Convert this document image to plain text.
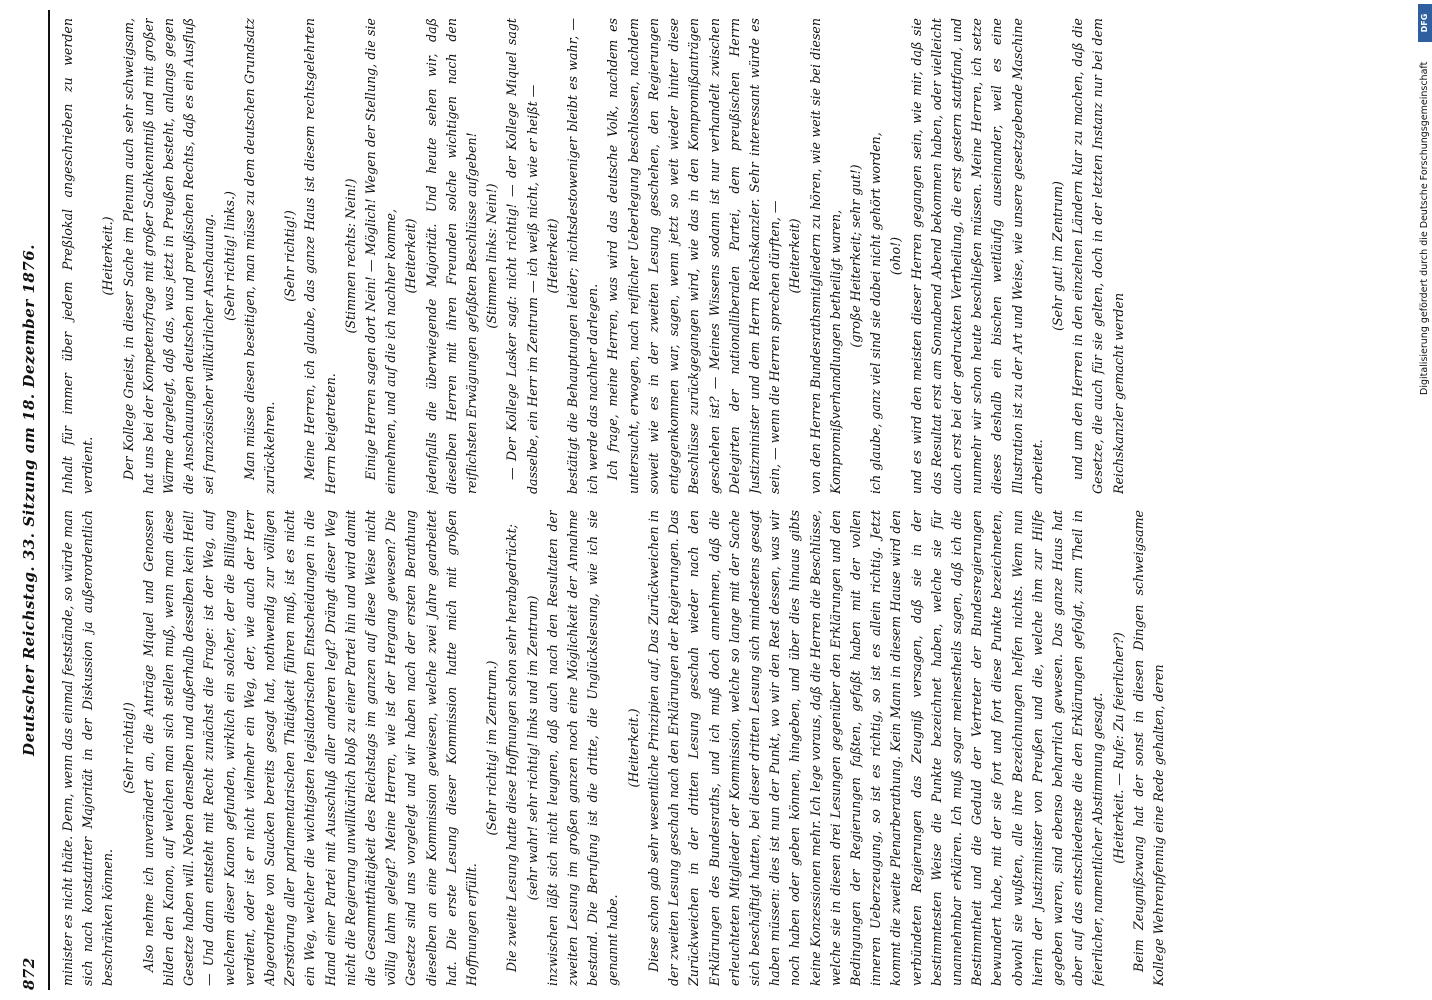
872
Deutscher Reichstag. 33. Sitzung am 18. Dezember 1876. minister es nicht thäte. Denn, wenn das einmal feststände, so würde man sich nach konstatirter Majorität in der Diskussion ja außerordentlich beschränken können.

(Sehr richtig!) Also nehme ich unverändert an, die Anträge Miquel und Genossen bilden den Kanon, auf welchen man sich stellen muß, wenn man diese Gesetze haben will. Neben denselben und außerhalb desselben kein Heil! — Und dann entsteht mit Recht zunächst die Frage: ist der Weg, auf welchem dieser Kanon gefunden, wirklich ein solcher, der die Billigung verdient, oder ist er nicht vielmehr ein Weg, der, wie auch der Herr Abgeordnete von Saucken bereits gesagt hat, nothwendig zur völligen Zerstörung aller parlamentarischen Thätigkeit führen muß, ist es nicht ein Weg, welcher die wichtigsten legislatorischen Entscheidungen in die Hand einer Partei mit Ausschluß aller anderen legt? Drängt dieser Weg nicht die Regierung unwillkürlich bloß zu einer Partei hin und wird damit die Gesammtthätigkeit des Reichstags im ganzen auf diese Weise nicht völlig lahm gelegt? Meine Herren, wie ist der Hergang gewesen? Die Gesetze sind uns vorgelegt und wir haben nach der ersten Berathung dieselben an eine Kommission gewiesen, welche zwei Jahre gearbeitet hat. Die erste Lesung dieser Kommission hatte mich mit großen Hoffnungen erfüllt.

(Sehr richtig! im Zentrum.) Die zweite Lesung hatte diese Hoffnungen schon sehr herabgedrückt; (sehr wahr! sehr richtig! links und im Zentrum) inzwischen läßt sich nicht leugnen, daß auch nach den Resultaten der zweiten Lesung im großen ganzen noch eine Möglichkeit der Annahme bestand. Die Berufung ist die dritte, die Unglückslesung, wie ich sie genannt habe.

(Heiterkeit.) Diese schon gab sehr wesentliche Prinzipien auf. Das Zurückweichen in der zweiten Lesung geschah nach den Erklärungen der Regierungen. Das Zurückweichen in der dritten Lesung geschah wieder nach den Erklärungen des Bundesraths, und ich muß doch annehmen, daß die erleuchteten Mitglieder der Kommission, welche so lange mit der Sache sich beschäftigt hatten, bei dieser dritten Lesung sich mindestens gesagt haben müssen: dies ist nun der Punkt, wo wir den Rest dessen, was wir noch haben oder geben können, hingeben, und über dies hinaus gibts keine Konzessionen mehr. Ich lege voraus, daß die Herren die Beschlüsse, welche sie in diesen drei Lesungen gegenüber den Erklärungen und den Bedingungen der Regierungen faßten, gefaßt haben mit der vollen inneren Ueberzeugung, so ist es richtig, so ist es allein richtig. Jetzt kommt die zweite Plenarberathung. Kein Mann in diesem Hause wird den verbündeten Regierungen das Zeugniß versagen, daß sie in der bestimmtesten Weise die Punkte bezeichnet haben, welche sie für unannehmbar erklären. Ich muß sogar meinestheils sagen, daß ich die Bestimmtheit und die Geduld der Vertreter der Bundesregierungen bewundert habe, mit der sie fort und fort diese Punkte bezeichneten, obwohl sie wußten, alle ihre Bezeichnungen helfen nichts. Wenn nun hierin der Justizminister von Preußen und die, welche ihm zur Hilfe gegeben waren, sind ebenso beharrlich gewesen. Das ganze Haus hat aber auf das entschiedenste die den Erklärungen gefolgt, zum Theil in feierlicher, namentlicher Abstimmung gesagt. (Heiterkeit. — Rufe: Zu feierlicher?) Beim Zeugnißzwang hat der sonst in diesen Dingen schweigsame Kollege Wehrenpfennig eine Rede gehalten, deren

Inhalt für immer über jedem Preßlokal angeschrieben zu werden verdient.

(Heiterkeit.) Der Kollege Gneist, in dieser Sache im Plenum auch sehr schweigsam, hat uns bei der Kompetenzfrage mit großer Sachkenntniß und mit großer Wärme dargelegt, daß das, was jetzt in Preußen besteht, anlangs gegen die Anschauungen deutschen und preußischen Rechts, daß es ein Ausfluß sei französischer willkürlicher Anschauung. (Sehr richtig! links.) Man müsse diesen beseitigen, man müsse zu dem deutschen Grundsatz zurückkehren.

(Sehr richtig!) Meine Herren, ich glaube, das ganze Haus ist diesem rechtsgelehrten Herrn beigetreten.

(Stimmen rechts: Nein!) Einige Herren sagen dort Nein! — Möglich! Wegen der Stellung, die sie einnehmen, und auf die ich nachher komme, (Heiterkeit) jedenfalls die überwiegende Majorität. Und heute sehen wir, daß dieselben Herren mit ihren Freunden solche wichtigen nach den reiflichsten Erwägungen gefaßten Beschlüsse aufgeben! (Stimmen links: Nein!) — Der Kollege Lasker sagt: nicht richtig! — der Kollege Miquel sagt dasselbe, ein Herr im Zentrum — ich weiß nicht, wie er heißt — (Heiterkeit) bestätigt die Behauptungen leider; nichtsdestoweniger bleibt es wahr, — ich werde das nachher darlegen. Ich frage, meine Herren, was wird das deutsche Volk, nachdem es untersucht, erwogen, nach reiflicher Ueberlegung beschlossen, nachdem soweit wie es in der zweiten Lesung geschehen, den Regierungen entgegenkommen war, sagen, wenn jetzt so weit wieder hinter diese Beschlüsse zurückgegangen wird, wie das in den Kompromißanträgen geschehen ist? — Meines Wissens sodann ist nur verhandelt zwischen Delegirten der nationalliberalen Partei, dem preußischen Herrn Justizminister und dem Herrn Reichskanzler. Sehr interessant würde es sein, — wenn die Herren sprechen dürften, — (Heiterkeit) von den Herren Bundesrathsmitgliedern zu hören, wie weit sie bei diesen Kompromißverhandlungen betheiligt waren, (große Heiterkeit; sehr gut!) ich glaube, ganz viel sind sie dabei nicht gehört worden, (oho!) und es wird den meisten dieser Herren gegangen sein, wie mir, daß sie das Resultat erst am Sonnabend Abend bekommen haben, oder vielleicht auch erst bei der gedruckten Vertheilung, die erst gestern stattfand, und nunmehr wir schon heute beschließen müssen. Meine Herren, ich setze dieses deshalb ein bischen weitläufig auseinander, weil es eine Illustration ist zu der Art und Weise, wie unsere gesetzgebende Maschine arbeitet.

(Sehr gut! im Zentrum) und um den Herren in den einzelnen Ländern klar zu machen, daß die Gesetze, die auch für sie gelten, doch in der letzten Instanz nur bei dem Reichskanzler gemacht werden	Digitalisierung gefördert durch die Deutsche Forschungsgemeinschaft
DFG
